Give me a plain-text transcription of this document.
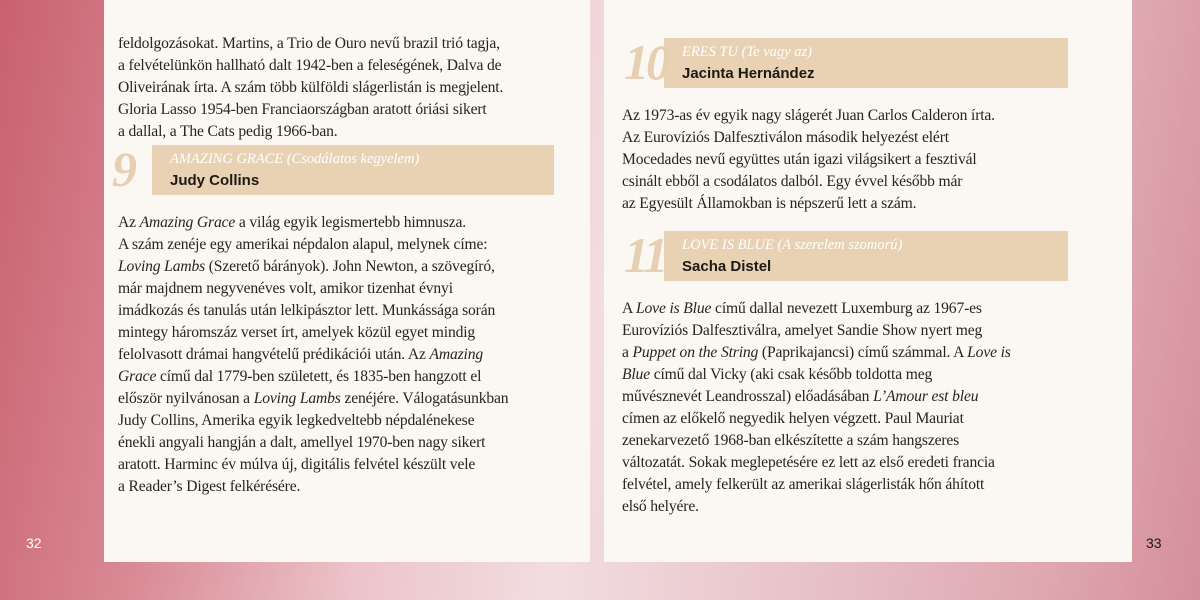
feldolgozásokat. Martins, a Trio de Ouro nevű brazil trió tagja,
a felvételünkön hallható dalt 1942-ben a feleségének, Dalva de
Oliveirának írta. A szám több külföldi slágerlistán is megjelent.
Gloria Lasso 1954-ben Franciaországban aratott óriási sikert
a dallal, a The Cats pedig 1966-ban.
9 AMAZING GRACE (Csodálatos kegyelem)
Judy Collins
Az Amazing Grace a világ egyik legismertebb himnusza.
A szám zenéje egy amerikai népdalon alapul, melynek címe:
Loving Lambs (Szerető bárányok). John Newton, a szövegíró,
már majdnem negyvenéves volt, amikor tizenhat évnyi
imádkozás és tanulás után lelkipásztor lett. Munkássága során
mintegy háromszáz verset írt, amelyek közül egyet mindig
felolvasott drámai hangvételű prédikációi után. Az Amazing
Grace című dal 1779-ben született, és 1835-ben hangzott el
először nyilvánosan a Loving Lambs zenéjére. Válogatásunkban
Judy Collins, Amerika egyik legkedveltebb népdalénekese
énekli angyali hangján a dalt, amellyel 1970-ben nagy sikert
aratott. Harminc év múlva új, digitális felvétel készült vele
a Reader’s Digest felkérésére.
32
10 ERES TU (Te vagy az)
Jacinta Hernández
Az 1973-as év egyik nagy slágerét Juan Carlos Calderon írta.
Az Eurovíziós Dalfesztiválon második helyezést elért
Mocedades nevű együttes után igazi világsikert a fesztivál
csinált ebből a csodálatos dalból. Egy évvel később már
az Egyesült Államokban is népszerű lett a szám.
11 LOVE IS BLUE (A szerelem szomorú)
Sacha Distel
A Love is Blue című dallal nevezett Luxemburg az 1967-es
Eurovíziós Dalfesztiválra, amelyet Sandie Show nyert meg
a Puppet on the String (Paprikajancsi) című számmal. A Love is
Blue című dal Vicky (aki csak később toldotta meg
művésznevét Leandrosszal) előadásában L’Amour est bleu
címen az előkelő negyedik helyen végzett. Paul Mauriat
zenekarvezető 1968-ban elkészítette a szám hangszeres
változatát. Sokak meglepetésére ez lett az első eredeti francia
felvétel, amely felkerült az amerikai slágerlisták hőn áhított
első helyére.
33
